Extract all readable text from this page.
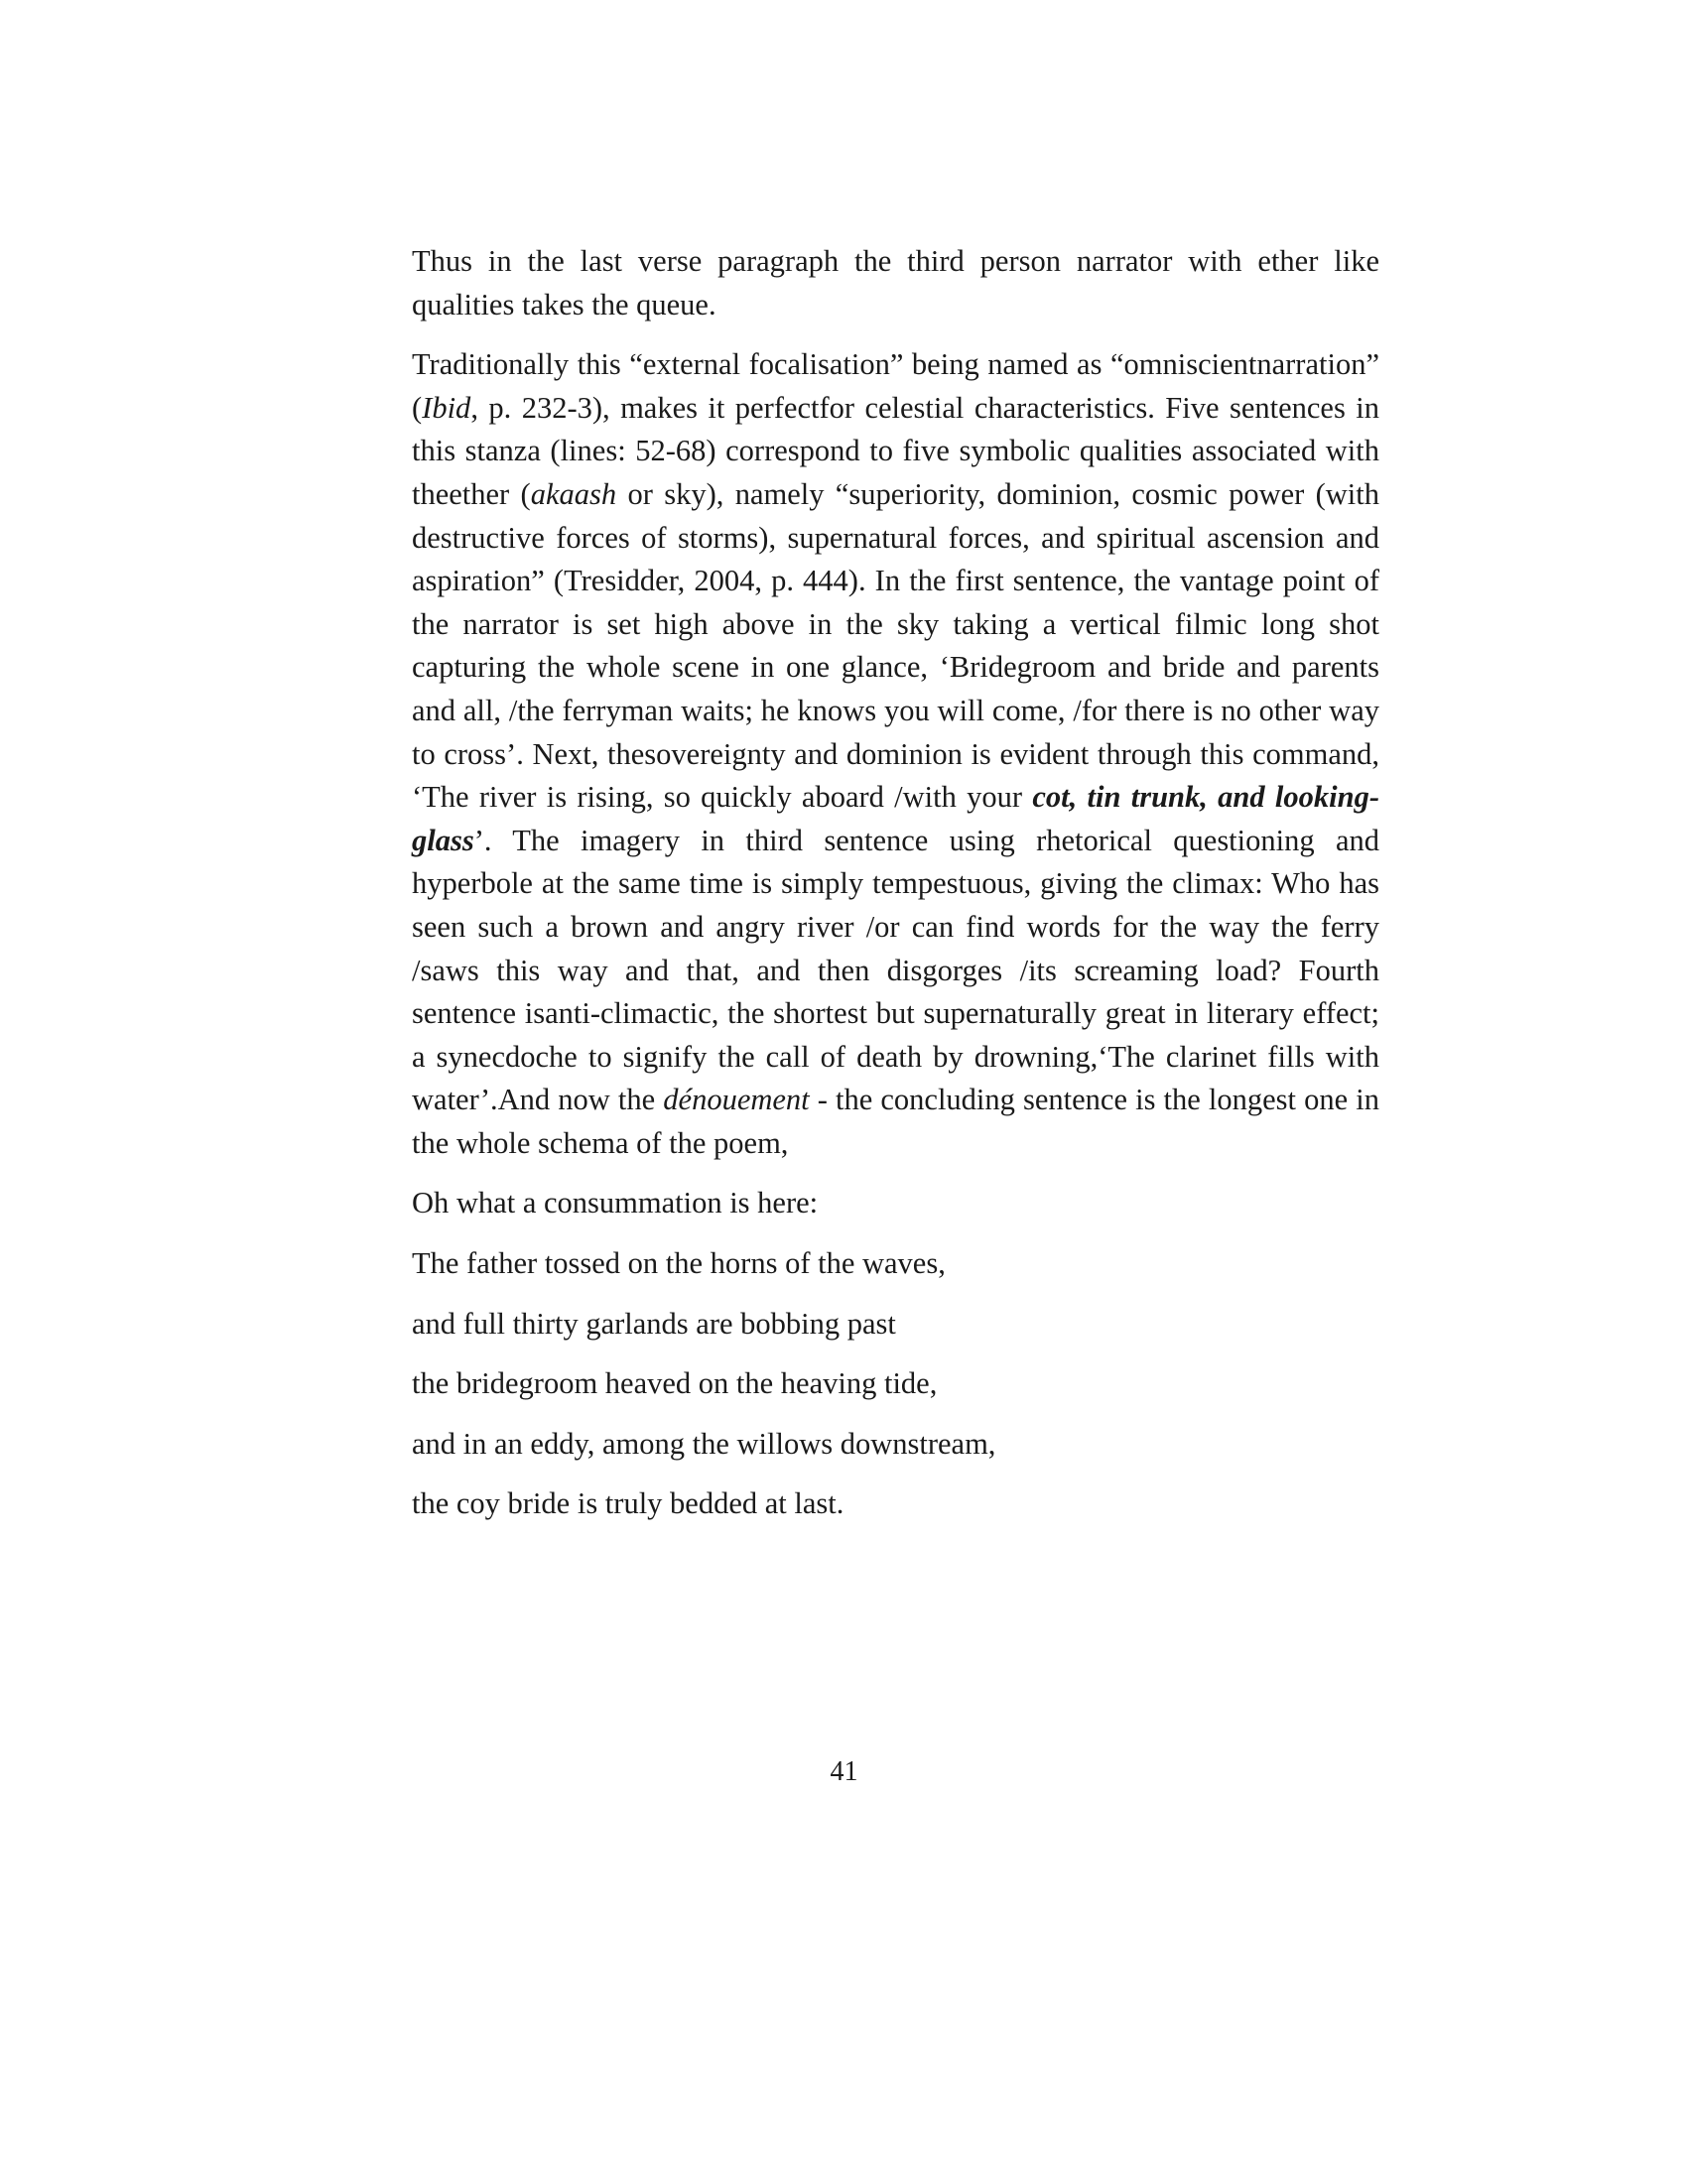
Thus in the last verse paragraph the third person narrator with ether like qualities takes the queue.

Traditionally this “external focalisation” being named as “omniscientnarration” (Ibid, p. 232-3), makes it perfectfor celestial characteristics. Five sentences in this stanza (lines: 52-68) correspond to five symbolic qualities associated with theether (akaash or sky), namely “superiority, dominion, cosmic power (with destructive forces of storms), supernatural forces, and spiritual ascension and aspiration” (Tresidder, 2004, p. 444). In the first sentence, the vantage point of the narrator is set high above in the sky taking a vertical filmic long shot capturing the whole scene in one glance, ‘Bridegroom and bride and parents and all, /the ferryman waits; he knows you will come, /for there is no other way to cross’. Next, thesovereignty and dominion is evident through this command, ‘The river is rising, so quickly aboard /with your cot, tin trunk, and looking-glass’. The imagery in third sentence using rhetorical questioning and hyperbole at the same time is simply tempestuous, giving the climax: Who has seen such a brown and angry river /or can find words for the way the ferry /saws this way and that, and then disgorges /its screaming load? Fourth sentence isanti-climactic, the shortest but supernaturally great in literary effect; a synecdoche to signify the call of death by drowning,‘The clarinet fills with water’.And now the dénouement - the concluding sentence is the longest one in the whole schema of the poem,

Oh what a consummation is here:

The father tossed on the horns of the waves,

and full thirty garlands are bobbing past

the bridegroom heaved on the heaving tide,

and in an eddy, among the willows downstream,

the coy bride is truly bedded at last.

41
